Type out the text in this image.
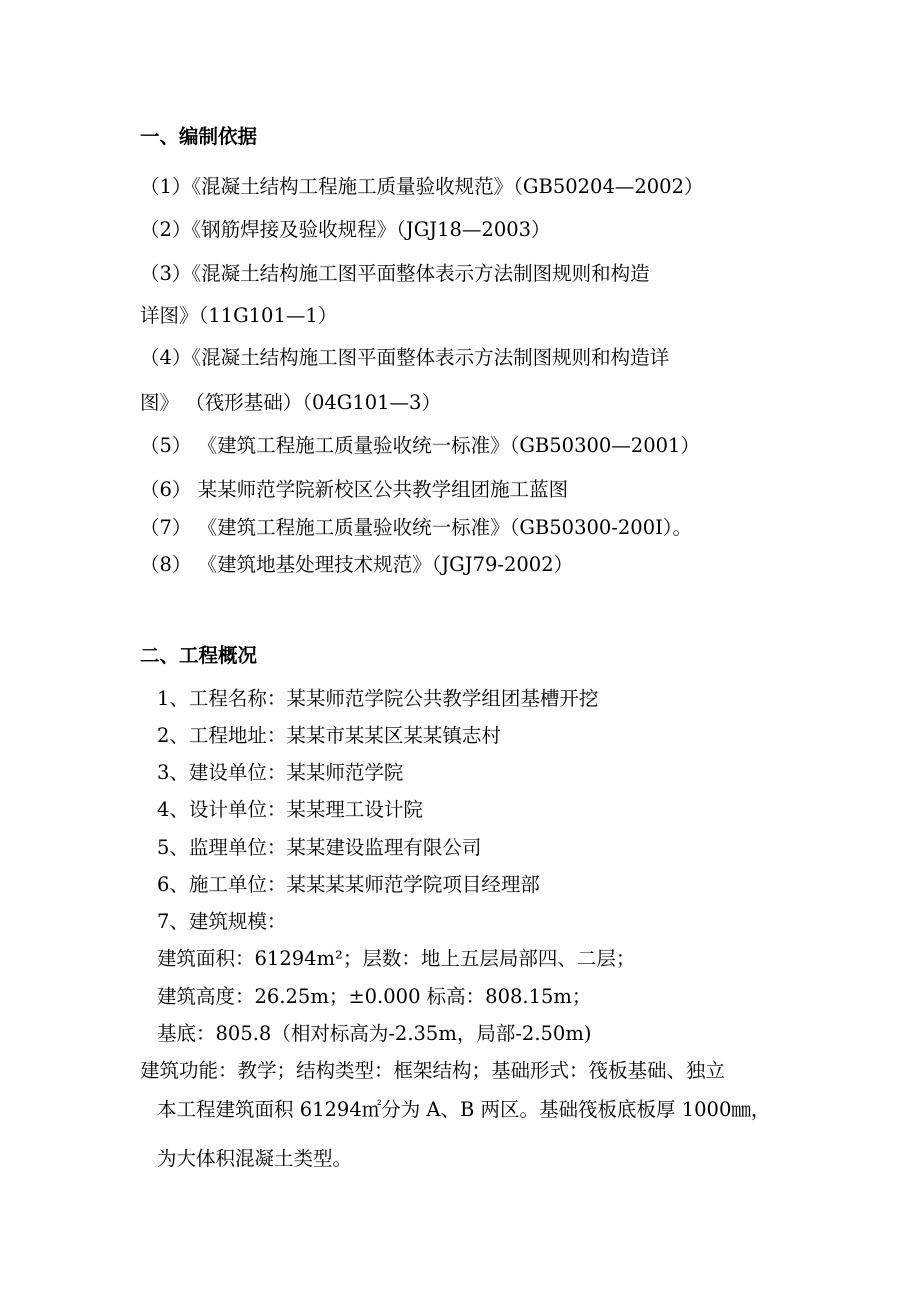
一、编制依据
（1）《混凝土结构工程施工质量验收规范》（GB50204—2002）
（2）《钢筋焊接及验收规程》（JGJ18—2003）
（3）《混凝土结构施工图平面整体表示方法制图规则和构造
详图》（11G101—1）
（4）《混凝土结构施工图平面整体表示方法制图规则和构造详
图》 （筏形基础）（04G101—3）
（5） 《建筑工程施工质量验收统一标准》（GB50300—2001）
（6） 某某师范学院新校区公共教学组团施工蓝图
（7） 《建筑工程施工质量验收统一标准》（GB50300-200I）。
（8） 《建筑地基处理技术规范》（JGJ79-2002）
二、工程概况
1、工程名称：某某师范学院公共教学组团基槽开挖
2、工程地址：某某市某某区某某镇志村
3、建设单位：某某师范学院
4、设计单位：某某理工设计院
5、监理单位：某某建设监理有限公司
6、施工单位：某某某某师范学院项目经理部
7、建筑规模：
建筑面积：61294m²；层数：地上五层局部四、二层；
建筑高度：26.25m；±0.000 标高：808.15m；
基底：805.8（相对标高为-2.35m，局部-2.50m)
建筑功能：教学；结构类型：框架结构；基础形式：筏板基础、独立
本工程建筑面积 61294㎡分为 A、B 两区。基础筏板底板厚 1000㎜，
为大体积混凝土类型。
